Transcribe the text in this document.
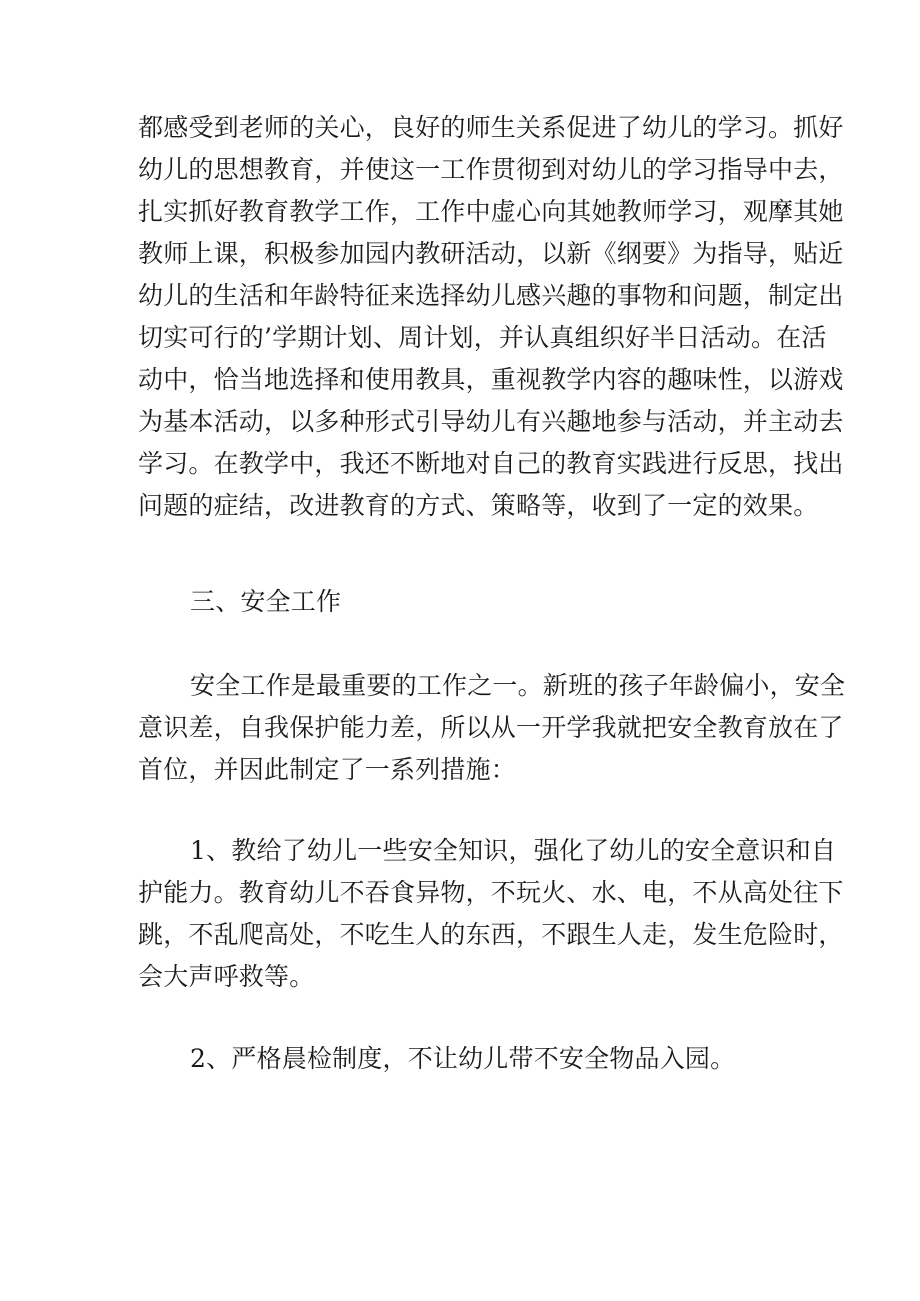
都感受到老师的关心，良好的师生关系促进了幼儿的学习。抓好
幼儿的思想教育，并使这一工作贯彻到对幼儿的学习指导中去，
扎实抓好教育教学工作，工作中虚心向其她教师学习，观摩其她
教师上课，积极参加园内教研活动，以新《纲要》为指导，贴近
幼儿的生活和年龄特征来选择幼儿感兴趣的事物和问题，制定出
切实可行的’学期计划、周计划，并认真组织好半日活动。在活
动中，恰当地选择和使用教具，重视教学内容的趣味性，以游戏
为基本活动，以多种形式引导幼儿有兴趣地参与活动，并主动去
学习。在教学中，我还不断地对自己的教育实践进行反思，找出
问题的症结，改进教育的方式、策略等，收到了一定的效果。
三、安全工作
安全工作是最重要的工作之一。新班的孩子年龄偏小，安全
意识差，自我保护能力差，所以从一开学我就把安全教育放在了
首位，并因此制定了一系列措施：
1、教给了幼儿一些安全知识，强化了幼儿的安全意识和自
护能力。教育幼儿不吞食异物，不玩火、水、电，不从高处往下
跳，不乱爬高处，不吃生人的东西，不跟生人走，发生危险时，
会大声呼救等。
2、严格晨检制度，不让幼儿带不安全物品入园。
